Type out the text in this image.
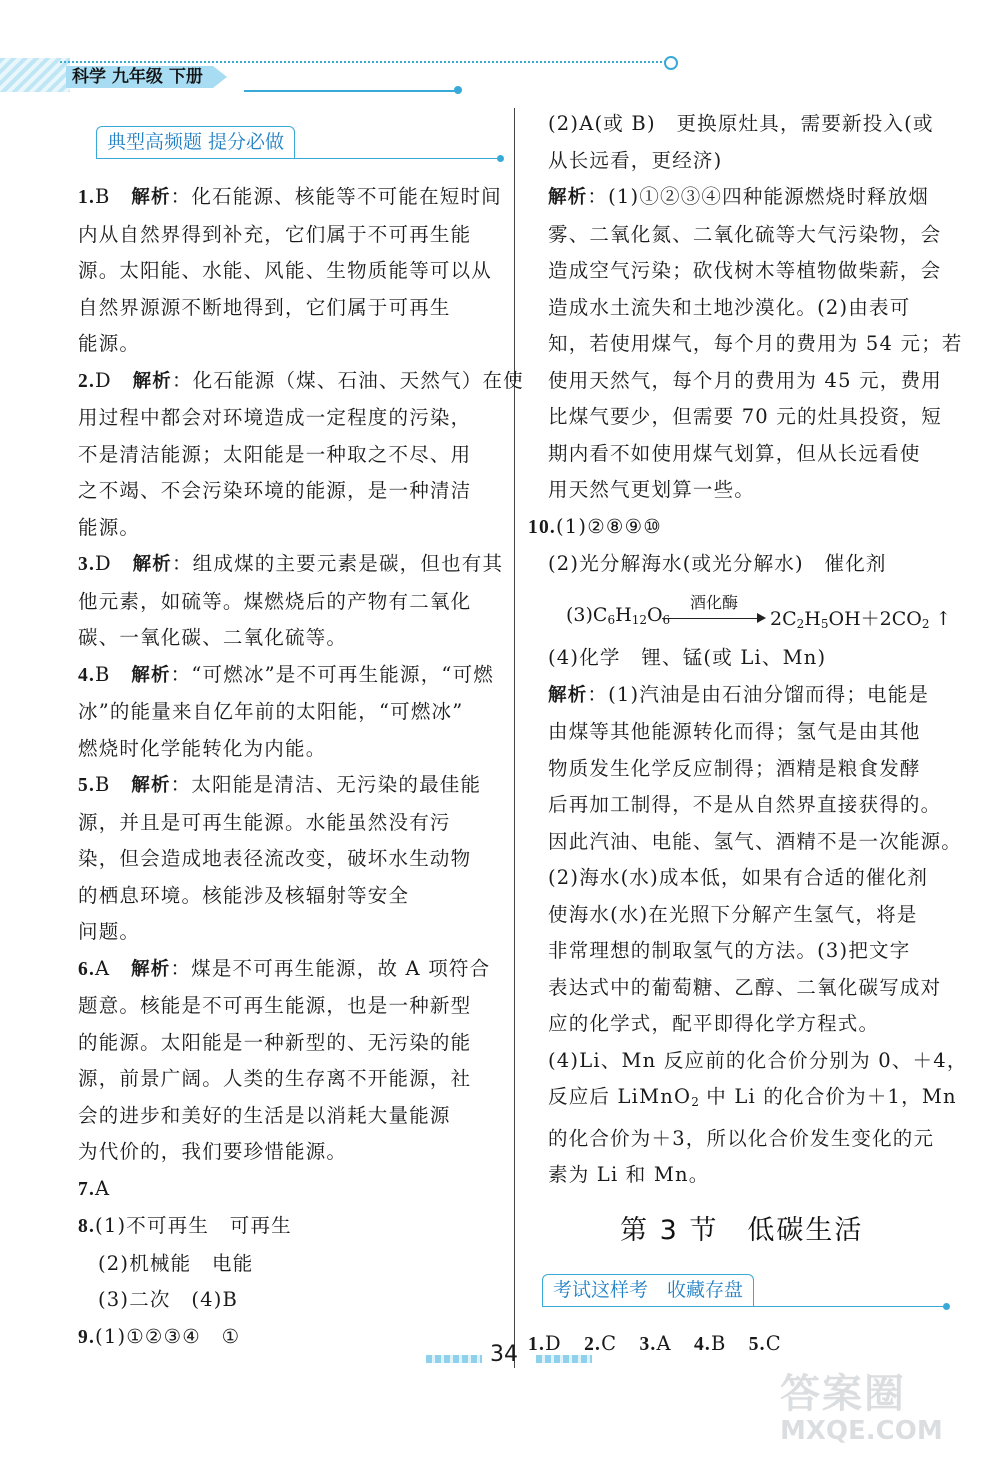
科学 九年级 下册
典型高频题 提分必做
1.B　 解析：化石能源、核能等不可能在短时间
内从自然界得到补充，它们属于不可再生能
源。太阳能、水能、风能、生物质能等可以从
自然界源源不断地得到，它们属于可再生
能源。
2.D　 解析：化石能源（煤、石油、天然气）在使
用过程中都会对环境造成一定程度的污染，
不是清洁能源；太阳能是一种取之不尽、用
之不竭、不会污染环境的能源，是一种清洁
能源。
3.D　 解析：组成煤的主要元素是碳，但也有其
他元素，如硫等。煤燃烧后的产物有二氧化
碳、一氧化碳、二氧化硫等。
4.B　 解析：“可燃冰”是不可再生能源，“可燃
冰”的能量来自亿年前的太阳能，“可燃冰”
燃烧时化学能转化为内能。
5.B　 解析：太阳能是清洁、无污染的最佳能
源，并且是可再生能源。水能虽然没有污
染，但会造成地表径流改变，破坏水生动物
的栖息环境。核能涉及核辐射等安全
问题。
6.A　 解析：煤是不可再生能源，故 A 项符合
题意。核能是不可再生能源，也是一种新型
的能源。太阳能是一种新型的、无污染的能
源，前景广阔。人类的生存离不开能源，社
会的进步和美好的生活是以消耗大量能源
为代价的，我们要珍惜能源。
7.A
8.(1)不可再生　可再生
(2)机械能　电能
(3)二次　(4)B
9.(1)①②③④　①
(2)A(或 B)　更换原灶具，需要新投入(或
从长远看，更经济)
解析：(1)①②③④四种能源燃烧时释放烟
雾、二氧化氮、二氧化硫等大气污染物，会
造成空气污染；砍伐树木等植物做柴薪，会
造成水土流失和土地沙漠化。(2)由表可
知，若使用煤气，每个月的费用为 54 元；若
使用天然气，每个月的费用为 45 元，费用
比煤气要少，但需要 70 元的灶具投资，短
期内看不如使用煤气划算，但从长远看使
用天然气更划算一些。
10.(1)②⑧⑨⑩
(2)光分解海水(或光分解水)　催化剂
$(3)C_6H_{12}O_6$
酒化酶
$2C_2H_5OH+2CO_2$ ↑
(4)化学　锂、锰(或 Li、Mn)
解析：(1)汽油是由石油分馏而得；电能是
由煤等其他能源转化而得；氢气是由其他
物质发生化学反应制得；酒精是粮食发酵
后再加工制得，不是从自然界直接获得的。
因此汽油、电能、氢气、酒精不是一次能源。
(2)海水(水)成本低，如果有合适的催化剂
使海水(水)在光照下分解产生氢气，将是
非常理想的制取氢气的方法。(3)把文字
表达式中的葡萄糖、乙醇、二氧化碳写成对
应的化学式，配平即得化学方程式。
(4)Li、Mn 反应前的化合价分别为 0、＋4，
反应后 LiMnO$_2$ 中 Li 的化合价为＋1，Mn
的化合价为＋3，所以化合价发生变化的元
素为 Li 和 Mn。
第 3 节　低碳生活
考试这样考　收藏存盘
1.D 2.C 3.A 4.B 5.C
34
答案圈
MXQE.COM
